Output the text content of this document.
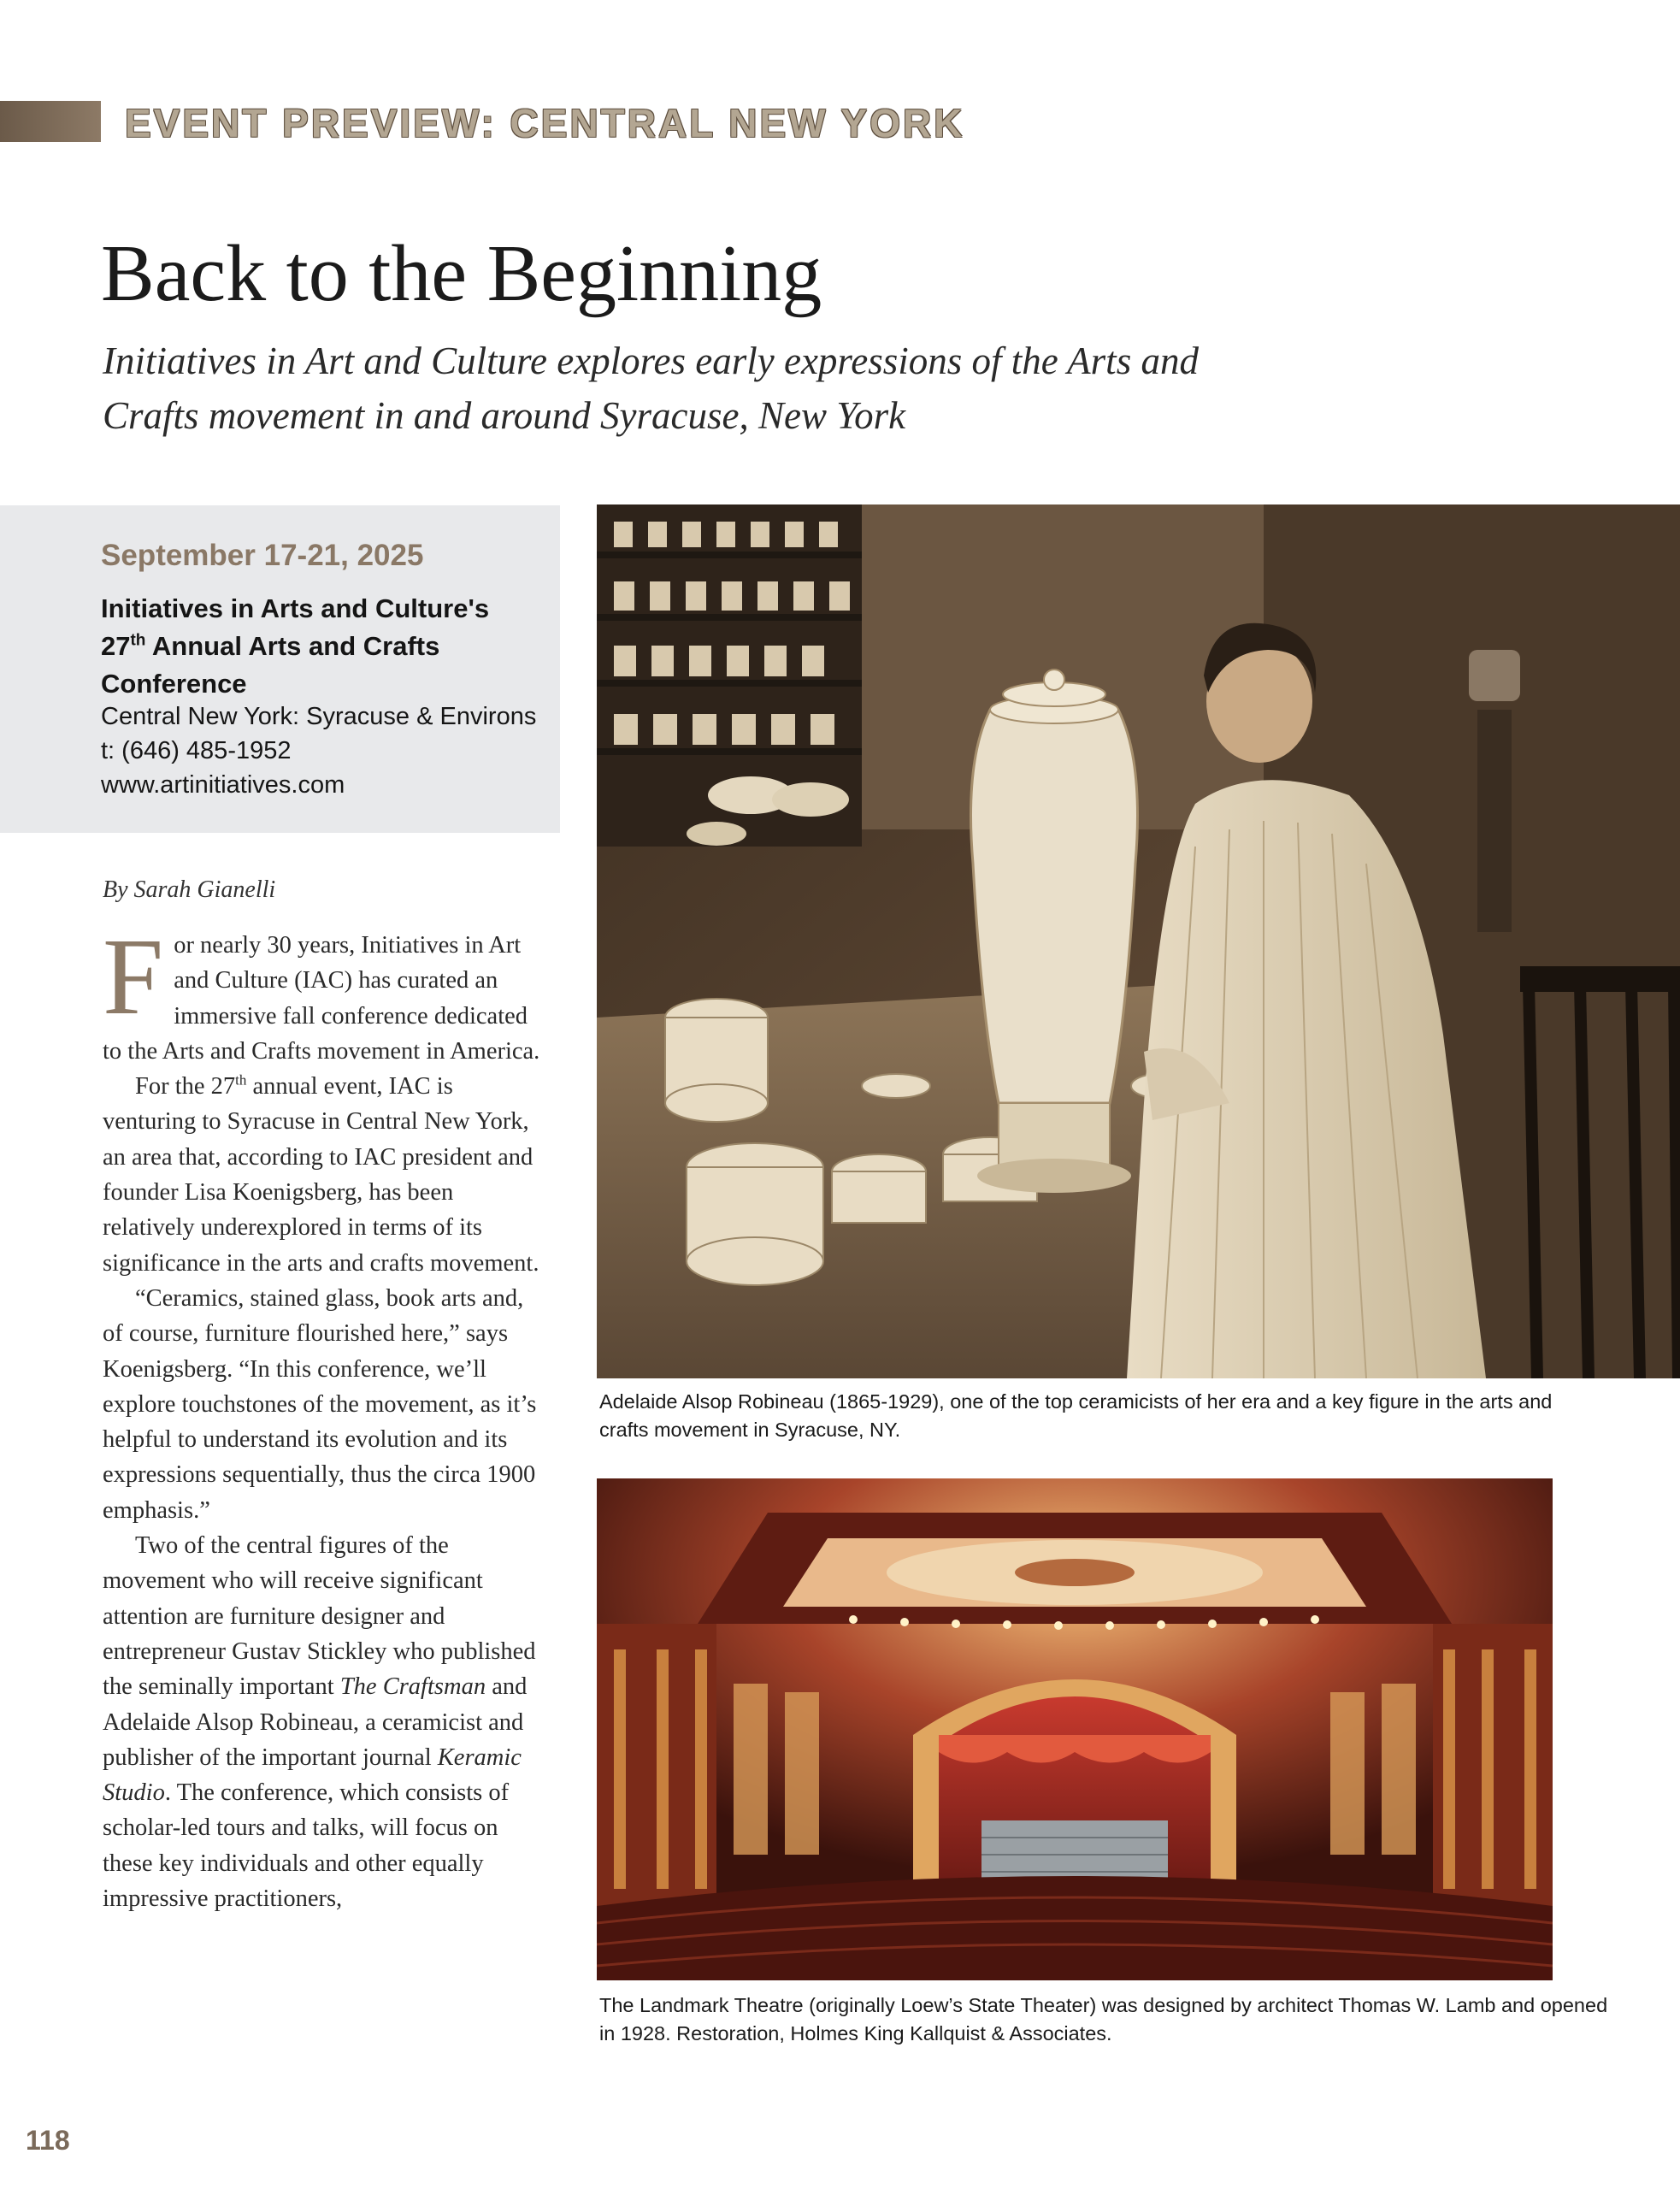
EVENT PREVIEW: CENTRAL NEW YORK
Back to the Beginning
Initiatives in Art and Culture explores early expressions of the Arts and Crafts movement in and around Syracuse, New York
September 17-21, 2025
Initiatives in Arts and Culture's
27th Annual Arts and Crafts Conference
Central New York: Syracuse & Environs
t: (646) 485-1952
www.artinitiatives.com
By Sarah Gianelli

For nearly 30 years, Initiatives in Art and Culture (IAC) has curated an immersive fall conference dedicated to the Arts and Crafts movement in America.

For the 27th annual event, IAC is venturing to Syracuse in Central New York, an area that, according to IAC president and founder Lisa Koenigsberg, has been relatively underexplored in terms of its significance in the arts and crafts movement.

“Ceramics, stained glass, book arts and, of course, furniture flourished here,” says Koenigsberg. “In this conference, we’ll explore touchstones of the movement, as it’s helpful to understand its evolution and its expressions sequentially, thus the circa 1900 emphasis.”

Two of the central figures of the movement who will receive significant attention are furniture designer and entrepreneur Gustav Stickley who published the seminally important The Craftsman and Adelaide Alsop Robineau, a ceramicist and publisher of the important journal Keramic Studio. The conference, which consists of scholar-led tours and talks, will focus on these key individuals and other equally impressive practitioners,

Adelaide Alsop Robineau (1865-1929), one of the top ceramicists of her era and a key figure in the arts and crafts movement in Syracuse, NY.
The Landmark Theatre (originally Loew’s State Theater) was designed by architect Thomas W. Lamb and opened in 1928. Restoration, Holmes King Kallquist & Associates.
118
